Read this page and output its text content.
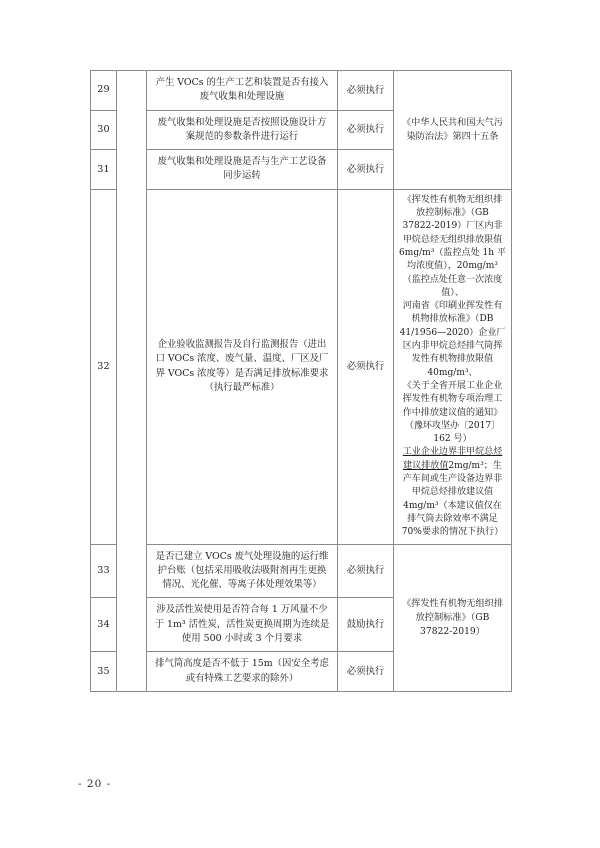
29		产生 VOCs 的生产工艺和装置是否有接入废气收集和处理设施	必须执行	《中华人民共和国大气污染防治法》第四十五条
30		废气收集和处理设施是否按照设施设计方案规范的参数条件进行运行	必须执行	
31		废气收集和处理设施是否与生产工艺设备同步运转	必须执行	
32		企业验收监测报告及自行监测报告（进出口 VOCs 浓度、废气量、温度、厂区及厂界 VOCs 浓度等）是否满足排放标准要求（执行最严标准）	必须执行	《挥发性有机物无组织排放控制标准》（GB 37822-2019）厂区内非甲烷总烃无组织排放限值 6mg/m³（监控点处 1h 平均浓度值），20mg/m³（监控点处任意一次浓度值）、
河南省《印刷业挥发性有机物排放标准》（DB 41/1956—2020）企业厂区内非甲烷总烃排气筒挥发性有机物排放限值 40mg/m³、
《关于全省开展工业企业挥发性有机物专项治理工作中排放建议值的通知》（豫环攻坚办〔2017〕162 号）
工业企业边界非甲烷总烃建议排放值2mg/m³；生产车间或生产设备边界非甲烷总烃排放建议值 4mg/m³（本建议值仅在排气筒去除效率不满足 70%要求的情况下执行）
33		是否已建立 VOCs 废气处理设施的运行维护台账（包括采用吸收法吸附剂再生更换情况、光化催、等离子体处理效果等）	必须执行	《挥发性有机物无组织排放控制标准》（GB 37822-2019）
34		涉及活性炭使用是否符合每 1 万风量不少于 1m³ 活性炭，活性炭更换周期为连续是使用 500 小时或 3 个月要求	鼓励执行	
35		排气筒高度是否不低于 15m（因安全考虑或有特殊工艺要求的除外）	必须执行	
- 20 -
